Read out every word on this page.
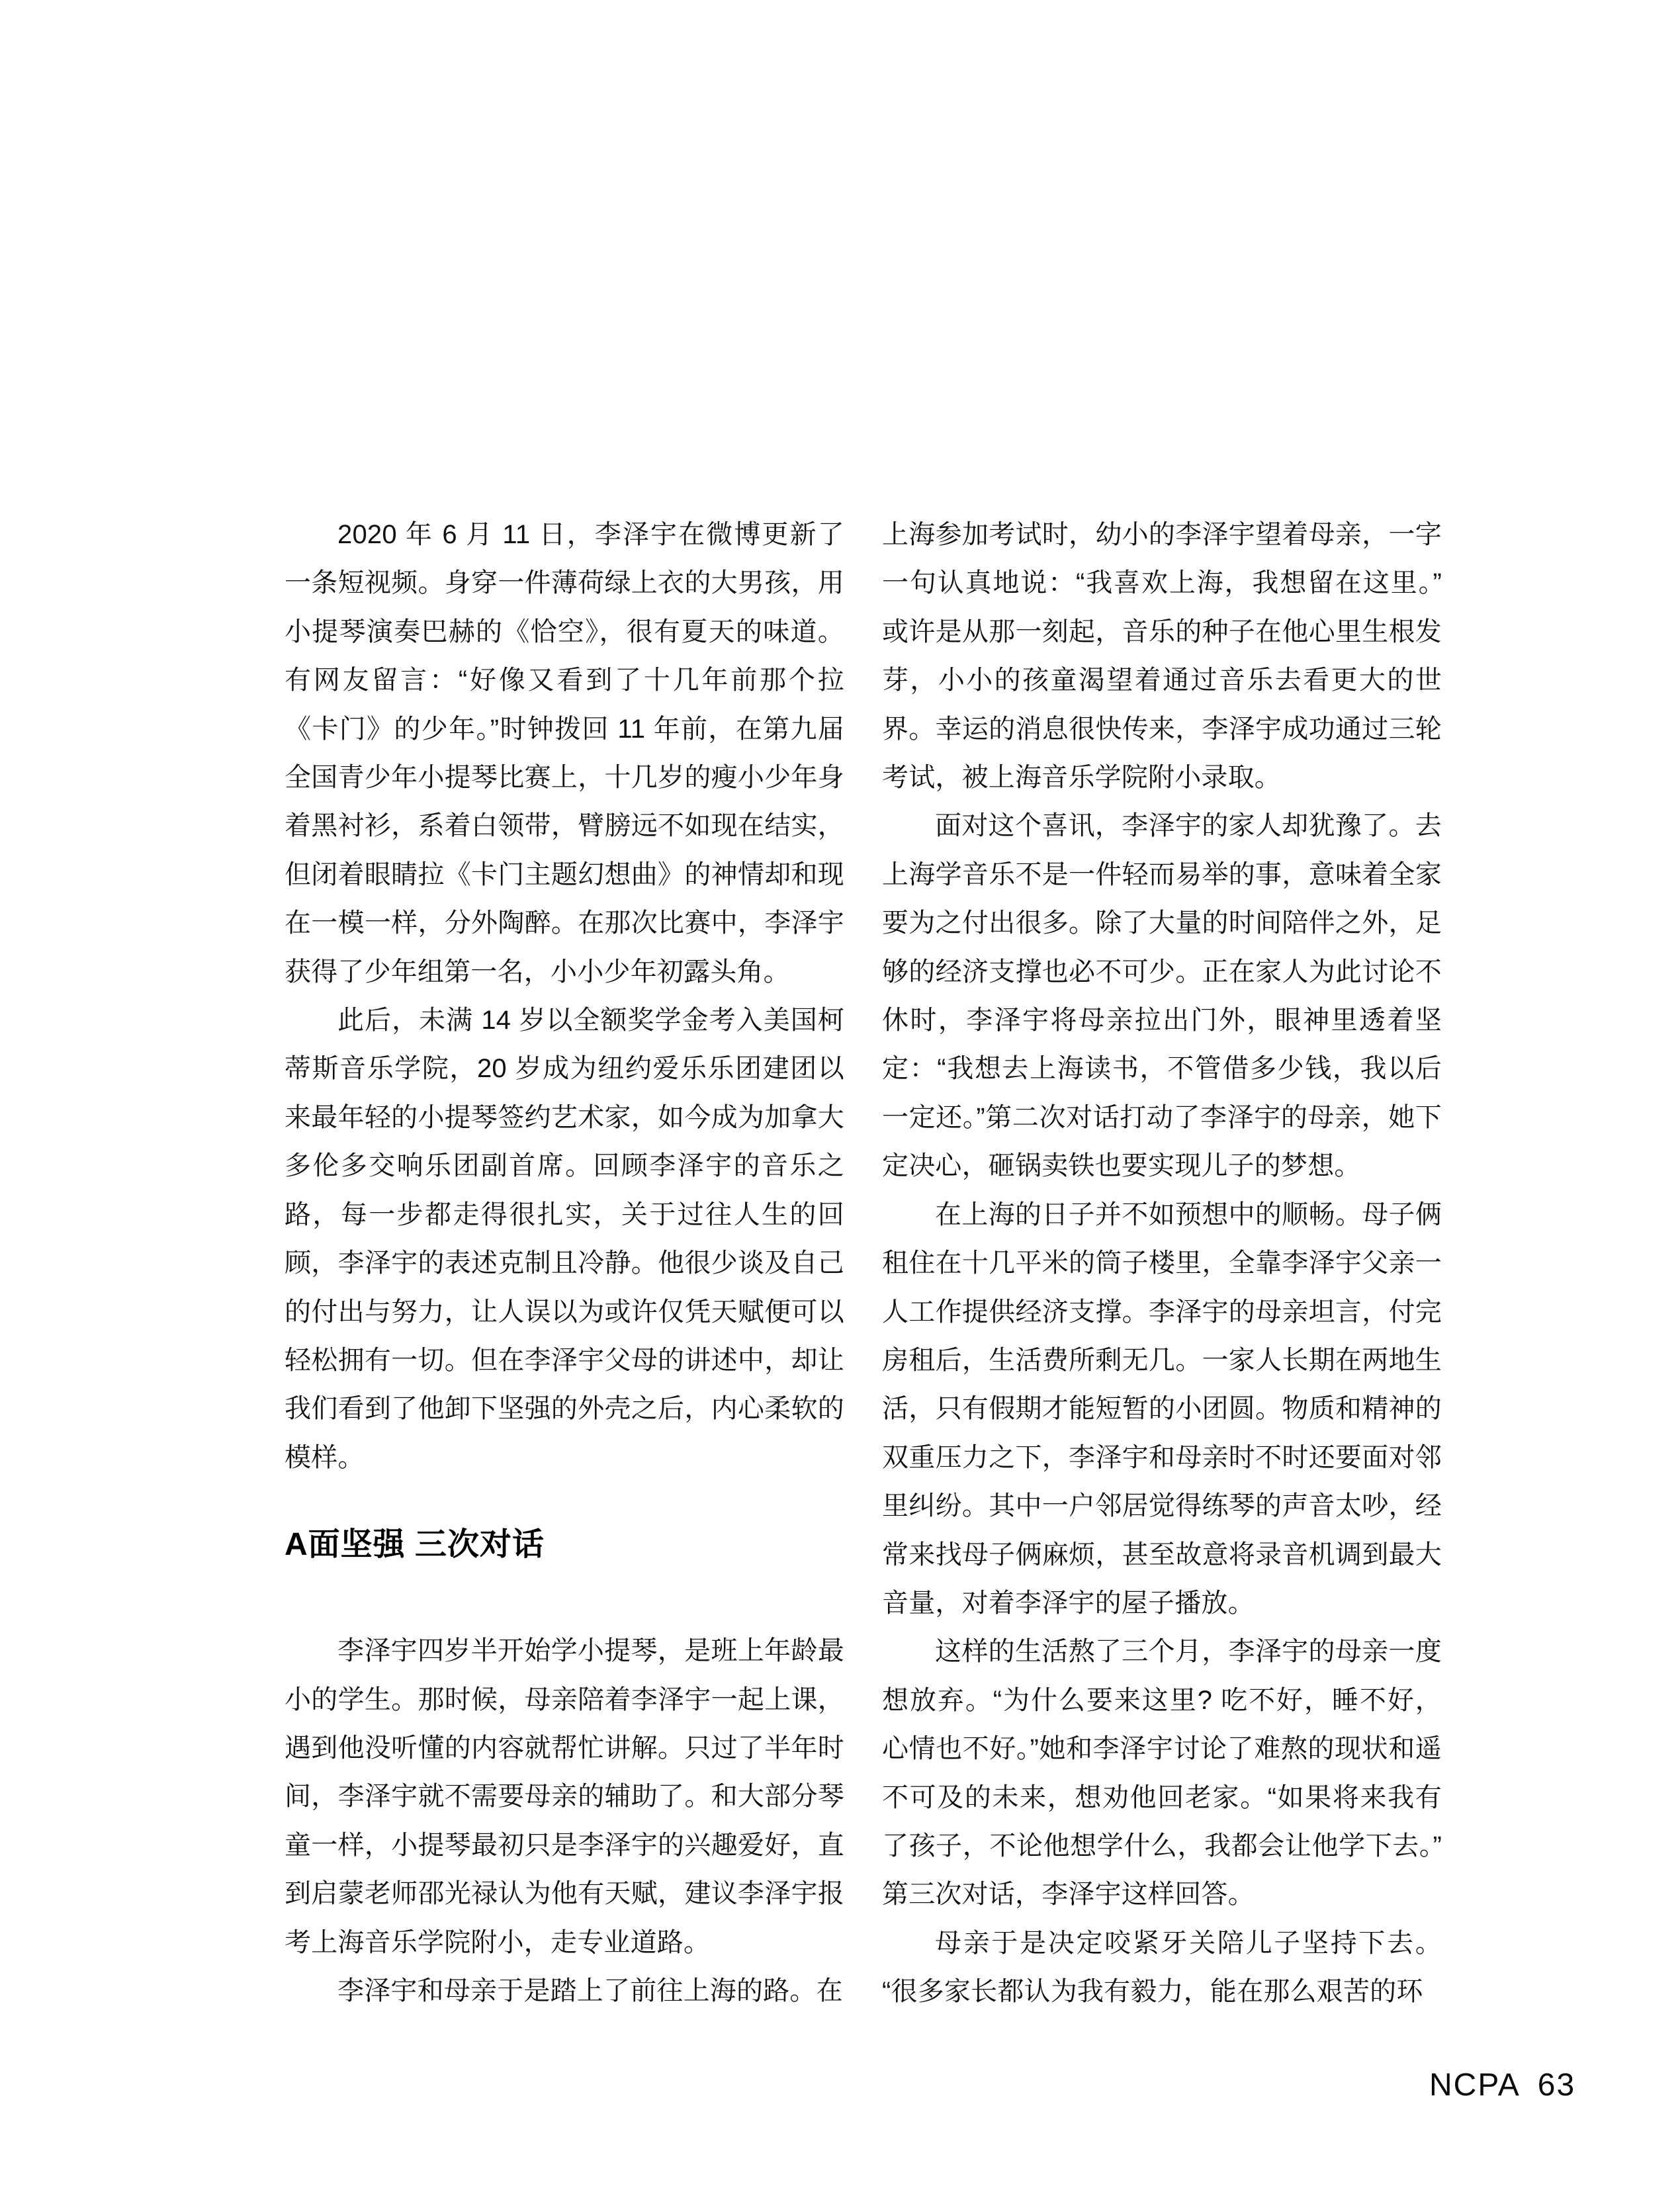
2020 年 6 月 11 日，李泽宇在微博更新了一条短视频。身穿一件薄荷绿上衣的大男孩，用小提琴演奏巴赫的《恰空》，很有夏天的味道。有网友留言：“好像又看到了十几年前那个拉《卡门》的少年。”时钟拨回 11 年前，在第九届全国青少年小提琴比赛上，十几岁的瘦小少年身着黑衬衫，系着白领带，臂膀远不如现在结实，但闭着眼睛拉《卡门主题幻想曲》的神情却和现在一模一样，分外陶醉。在那次比赛中，李泽宇获得了少年组第一名，小小少年初露头角。

此后，未满 14 岁以全额奖学金考入美国柯蒂斯音乐学院，20 岁成为纽约爱乐乐团建团以来最年轻的小提琴签约艺术家，如今成为加拿大多伦多交响乐团副首席。回顾李泽宇的音乐之路，每一步都走得很扎实，关于过往人生的回顾，李泽宇的表述克制且冷静。他很少谈及自己的付出与努力，让人误以为或许仅凭天赋便可以轻松拥有一切。但在李泽宇父母的讲述中，却让我们看到了他卸下坚强的外壳之后，内心柔软的模样。

A面坚强 三次对话

李泽宇四岁半开始学小提琴，是班上年龄最小的学生。那时候，母亲陪着李泽宇一起上课，遇到他没听懂的内容就帮忙讲解。只过了半年时间，李泽宇就不需要母亲的辅助了。和大部分琴童一样，小提琴最初只是李泽宇的兴趣爱好，直到启蒙老师邵光禄认为他有天赋，建议李泽宇报考上海音乐学院附小，走专业道路。

李泽宇和母亲于是踏上了前往上海的路。在

上海参加考试时，幼小的李泽宇望着母亲，一字一句认真地说：“我喜欢上海，我想留在这里。”或许是从那一刻起，音乐的种子在他心里生根发芽，小小的孩童渴望着通过音乐去看更大的世界。幸运的消息很快传来，李泽宇成功通过三轮考试，被上海音乐学院附小录取。

面对这个喜讯，李泽宇的家人却犹豫了。去上海学音乐不是一件轻而易举的事，意味着全家要为之付出很多。除了大量的时间陪伴之外，足够的经济支撑也必不可少。正在家人为此讨论不休时，李泽宇将母亲拉出门外，眼神里透着坚定：“我想去上海读书，不管借多少钱，我以后一定还。”第二次对话打动了李泽宇的母亲，她下定决心，砸锅卖铁也要实现儿子的梦想。

在上海的日子并不如预想中的顺畅。母子俩租住在十几平米的筒子楼里，全靠李泽宇父亲一人工作提供经济支撑。李泽宇的母亲坦言，付完房租后，生活费所剩无几。一家人长期在两地生活，只有假期才能短暂的小团圆。物质和精神的双重压力之下，李泽宇和母亲时不时还要面对邻里纠纷。其中一户邻居觉得练琴的声音太吵，经常来找母子俩麻烦，甚至故意将录音机调到最大音量，对着李泽宇的屋子播放。

这样的生活熬了三个月，李泽宇的母亲一度想放弃。“为什么要来这里? 吃不好，睡不好，心情也不好。”她和李泽宇讨论了难熬的现状和遥不可及的未来，想劝他回老家。“如果将来我有了孩子，不论他想学什么，我都会让他学下去。”第三次对话，李泽宇这样回答。

母亲于是决定咬紧牙关陪儿子坚持下去。“很多家长都认为我有毅力，能在那么艰苦的环

NCPA 63
